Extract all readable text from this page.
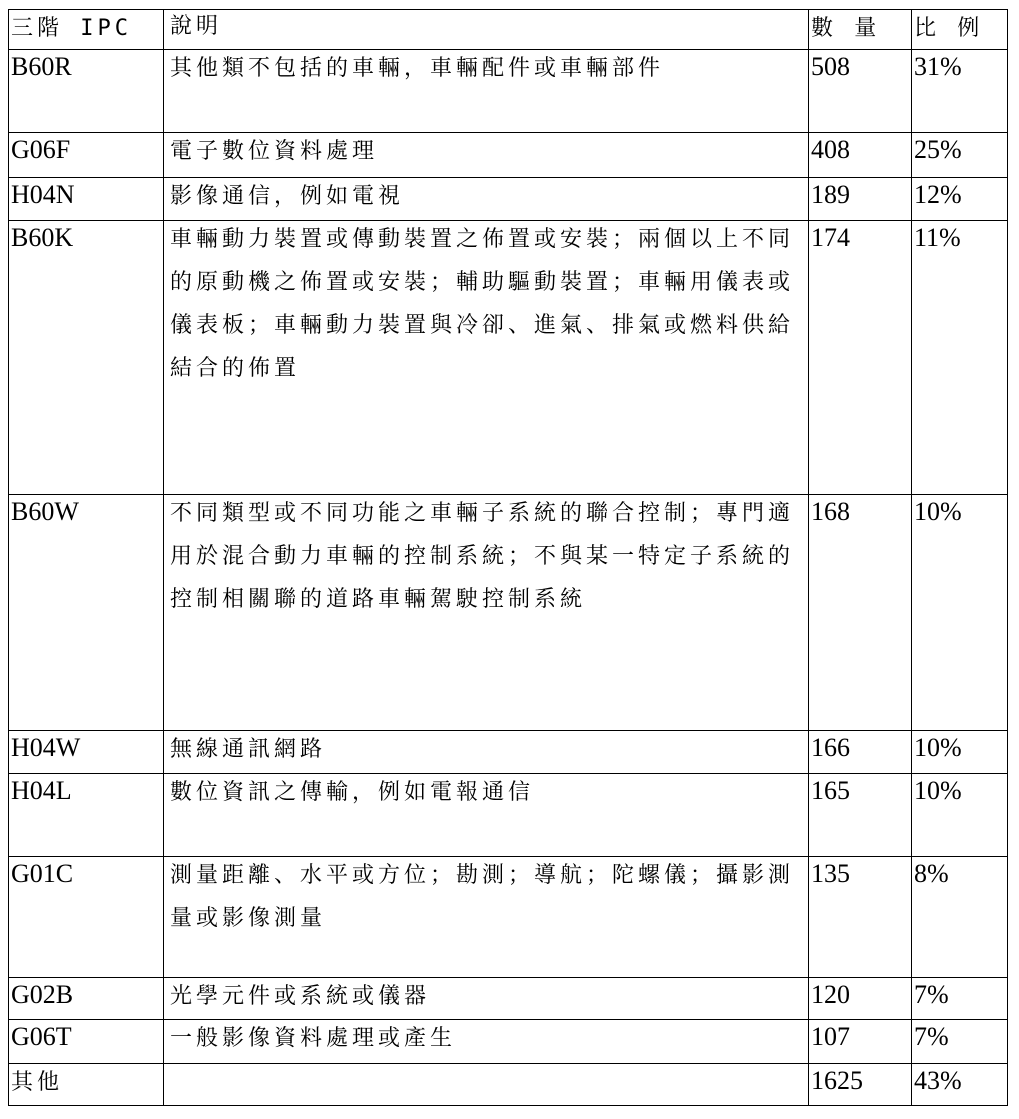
三階 IPC	說明	數 量	比 例
B60R	其他類不包括的車輛，車輛配件或車輛部件	508	31%
G06F	電子數位資料處理	408	25%
H04N	影像通信，例如電視	189	12%
B60K	車輛動力裝置或傳動裝置之佈置或安裝；兩個以上不同的原動機之佈置或安裝；輔助驅動裝置；車輛用儀表或儀表板；車輛動力裝置與冷卻、進氣、排氣或燃料供給結合的佈置	174	11%
B60W	不同類型或不同功能之車輛子系統的聯合控制；專門適用於混合動力車輛的控制系統；不與某一特定子系統的控制相關聯的道路車輛駕駛控制系統	168	10%
H04W	無線通訊網路	166	10%
H04L	數位資訊之傳輸，例如電報通信	165	10%
G01C	測量距離、水平或方位；勘測；導航；陀螺儀；攝影測量或影像測量	135	8%
G02B	光學元件或系統或儀器	120	7%
G06T	一般影像資料處理或產生	107	7%
其他		1625	43%
